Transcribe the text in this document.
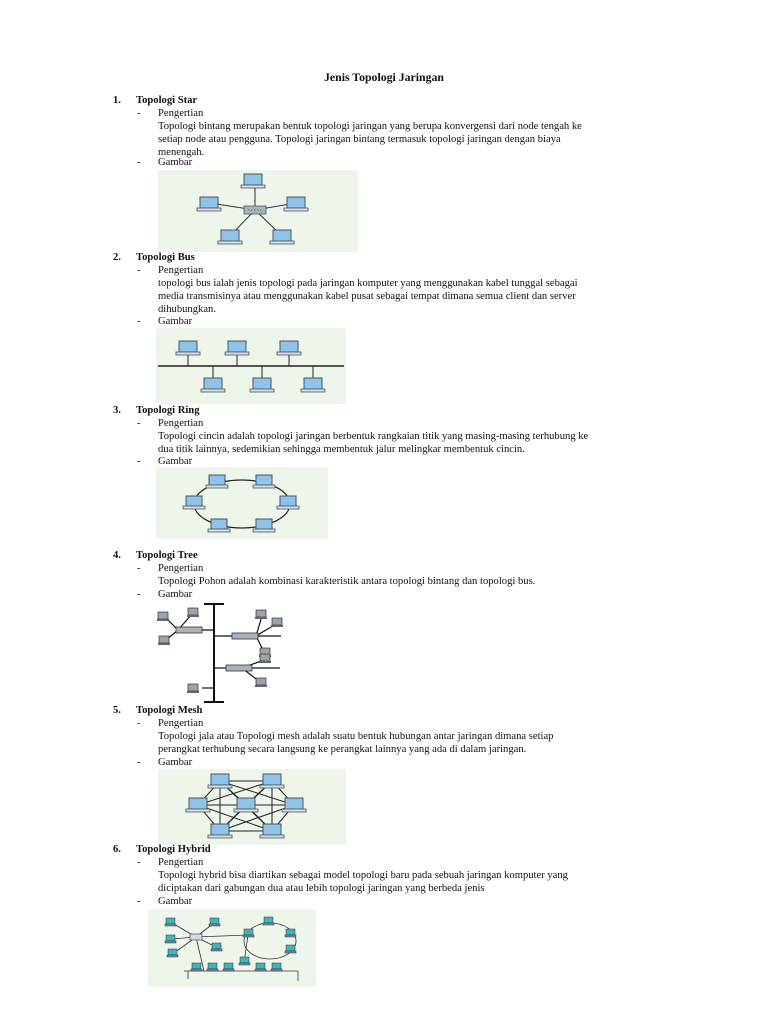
Jenis Topologi Jaringan
1. Topologi Star
- Pengertian
Topologi bintang merupakan bentuk topologi jaringan yang berupa konvergensi dari node tengah ke
setiap node atau pengguna. Topologi jaringan bintang termasuk topologi jaringan dengan biaya
menengah.
- Gambar
2. Topologi Bus
- Pengertian
topologi bus ialah jenis topologi pada jaringan komputer yang menggunakan kabel tunggal sebagai
media transmisinya atau menggunakan kabel pusat sebagai tempat dimana semua client dan server
dihubungkan.
- Gambar
3. Topologi Ring
- Pengertian
Topologi cincin adalah topologi jaringan berbentuk rangkaian titik yang masing-masing terhubung ke
dua titik lainnya, sedemikian sehingga membentuk jalur melingkar membentuk cincin.
- Gambar
4. Topologi Tree
- Pengertian
Topologi Pohon adalah kombinasi karakteristik antara topologi bintang dan topologi bus.
- Gambar
5. Topologi Mesh
- Pengertian
Topologi jala atau Topologi mesh adalah suatu bentuk hubungan antar jaringan dimana setiap
perangkat terhubung secara langsung ke perangkat lainnya yang ada di dalam jaringan.
- Gambar
6. Topologi Hybrid
- Pengertian
Topologi hybrid bisa diartikan sebagai model topologi baru pada sebuah jaringan komputer yang
diciptakan dari gabungan dua atau lebih topologi jaringan yang berbeda jenis
- Gambar
